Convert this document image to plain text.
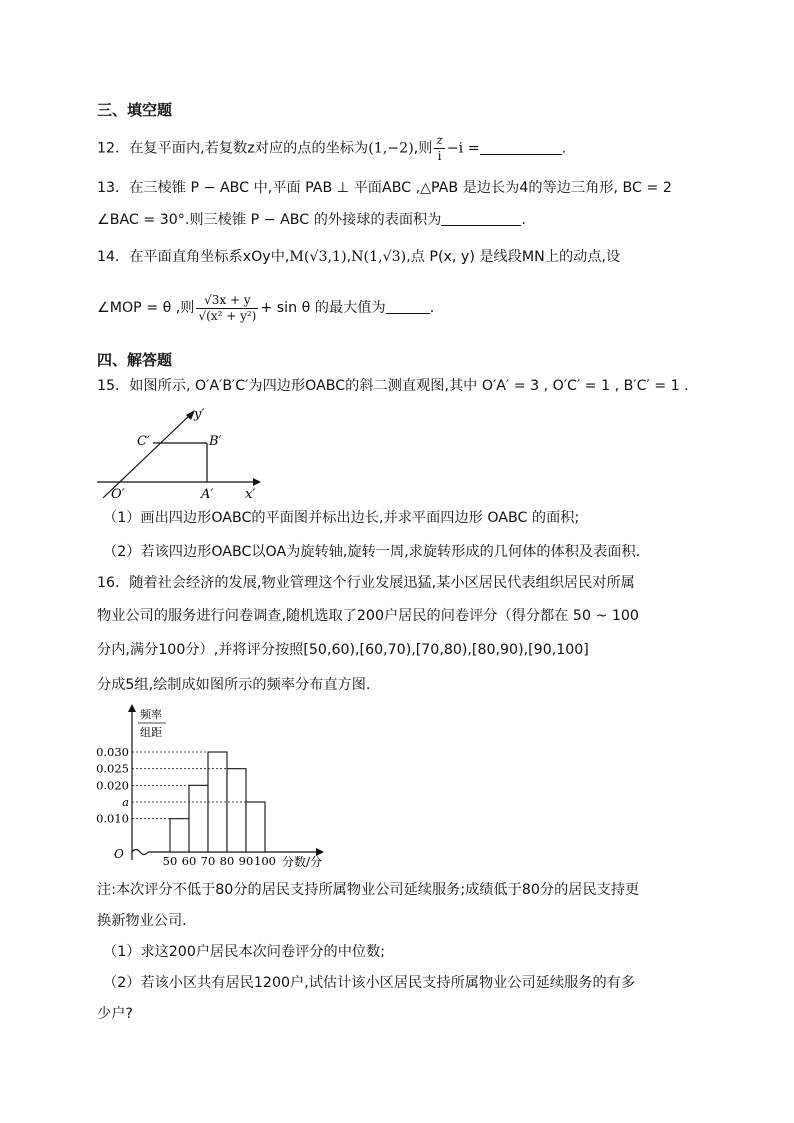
三、填空题
12．在复平面内,若复数z对应的点的坐标为(1,−2),则 $\frac{z}{i} -i$ =	.
13．在三棱锥 P − ABC 中,平面 PAB ⊥ 平面ABC ,△PAB 是边长为4的等边三角形, BC = 2
∠BAC = 30°.则三棱锥 P − ABC 的外接球的表面积为	.
14．在平面直角坐标系xOy中,M(√3,1),N(1,√3),点 P(x, y) 是线段MN上的动点,设
∠MOP = θ ,则 $\frac{√3x + y}{\text{√(x² + y²)}} + \sin \theta$ 的最大值为	.
四、解答题
15．如图所示, O′A′B′C′为四边形OABC的斜二测直观图,其中 O′A′ = 3 , O′C′ = 1 , B′C′ = 1 .
y′
C′	B′
O′	A′ x′
（1）画出四边形OABC的平面图并标出边长,并求平面四边形 OABC 的面积;
（2）若该四边形OABC以OA为旋转轴,旋转一周,求旋转形成的几何体的体积及表面积.
16．随着社会经济的发展,物业管理这个行业发展迅猛,某小区居民代表组织居民对所属
物业公司的服务进行问卷调查,随机选取了200户居民的问卷评分（得分都在 50 ~ 100
分内,满分100分）,并将评分按照[50,60),[60,70),[70,80),[80,90),[90,100]
分成5组,绘制成如图所示的频率分布直方图.
O
频率
组距
分数/分
0.030
0.025
0.020
a
0.010
50 60 70 80 90 100
注:本次评分不低于80分的居民支持所属物业公司延续服务;成绩低于80分的居民支持更
换新物业公司.
（1）求这200户居民本次问卷评分的中位数;
（2）若该小区共有居民1200户,试估计该小区居民支持所属物业公司延续服务的有多
少户?
